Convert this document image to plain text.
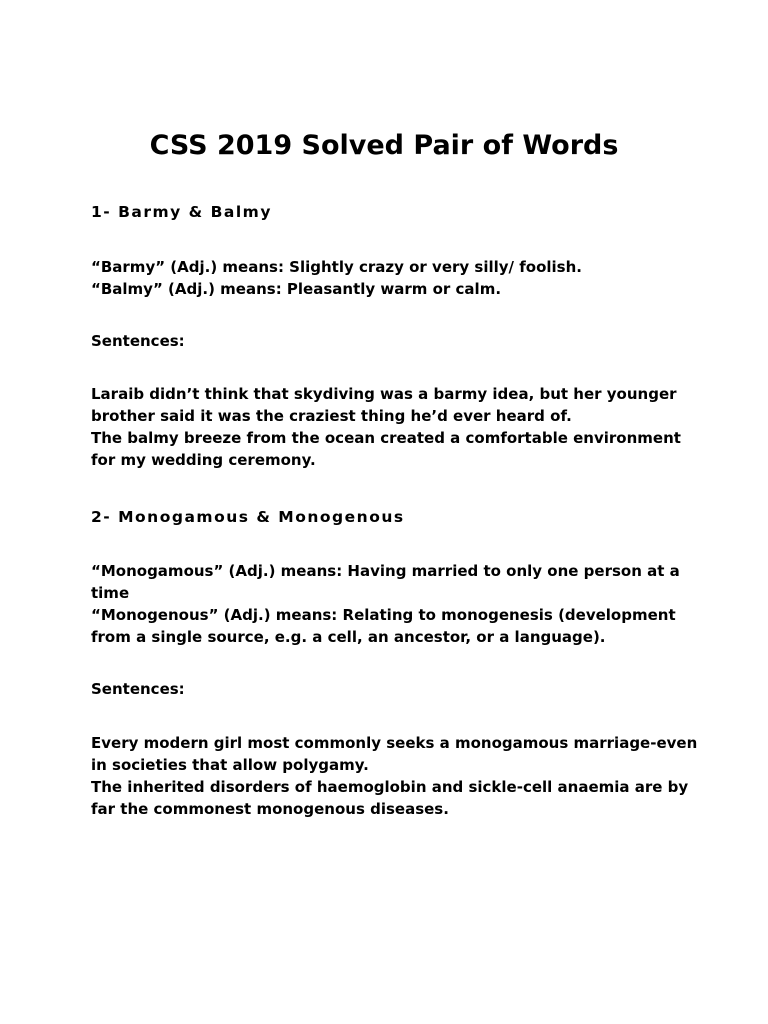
CSS 2019 Solved Pair of Words
1- Barmy & Balmy

“Barmy” (Adj.) means: Slightly crazy or very silly/ foolish.
“Balmy” (Adj.) means: Pleasantly warm or calm.

Sentences:

Laraib didn’t think that skydiving was a barmy idea, but her younger
brother said it was the craziest thing he’d ever heard of.
The balmy breeze from the ocean created a comfortable environment
for my wedding ceremony.

2- Monogamous & Monogenous

“Monogamous” (Adj.) means: Having married to only one person at a
time
“Monogenous” (Adj.) means: Relating to monogenesis (development
from a single source, e.g. a cell, an ancestor, or a language).

Sentences:

Every modern girl most commonly seeks a monogamous marriage-even
in societies that allow polygamy.
The inherited disorders of haemoglobin and sickle-cell anaemia are by
far the commonest monogenous diseases.
